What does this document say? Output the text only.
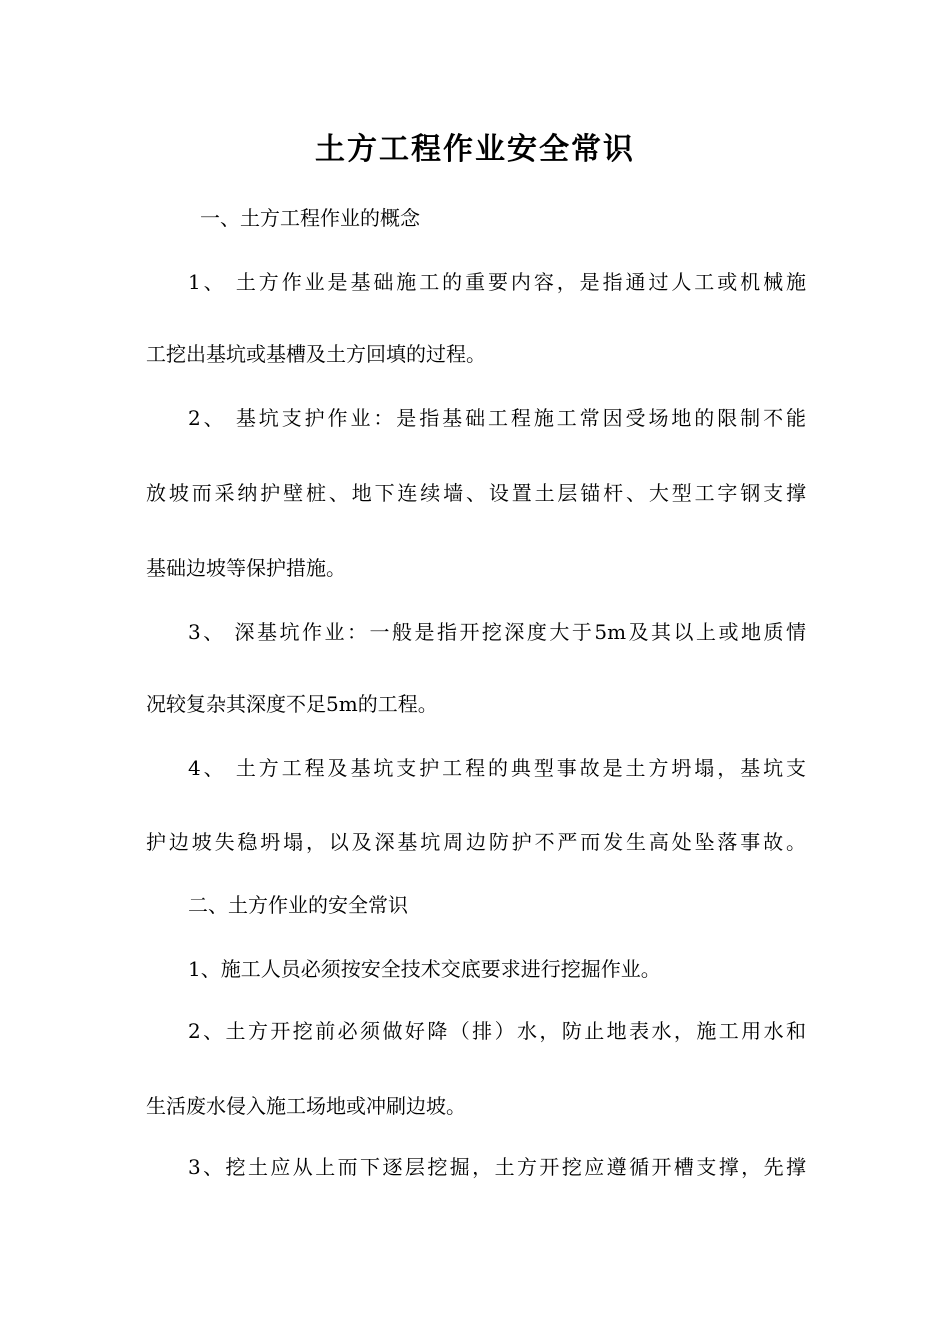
土方工程作业安全常识
一、土方工程作业的概念
1、 土方作业是基础施工的重要内容，是指通过人工或机械施
工挖出基坑或基槽及土方回填的过程。
2、 基坑支护作业：是指基础工程施工常因受场地的限制不能
放坡而采纳护壁桩、地下连续墙、设置土层锚杆、大型工字钢支撑
基础边坡等保护措施。
3、 深基坑作业：一般是指开挖深度大于5m及其以上或地质情
况较复杂其深度不足5m的工程。
4、 土方工程及基坑支护工程的典型事故是土方坍塌，基坑支
护边坡失稳坍塌，以及深基坑周边防护不严而发生高处坠落事故。
二、土方作业的安全常识
1、施工人员必须按安全技术交底要求进行挖掘作业。
2、土方开挖前必须做好降（排）水，防止地表水，施工用水和
生活废水侵入施工场地或冲刷边坡。
3、挖土应从上而下逐层挖掘，土方开挖应遵循开槽支撑，先撑
